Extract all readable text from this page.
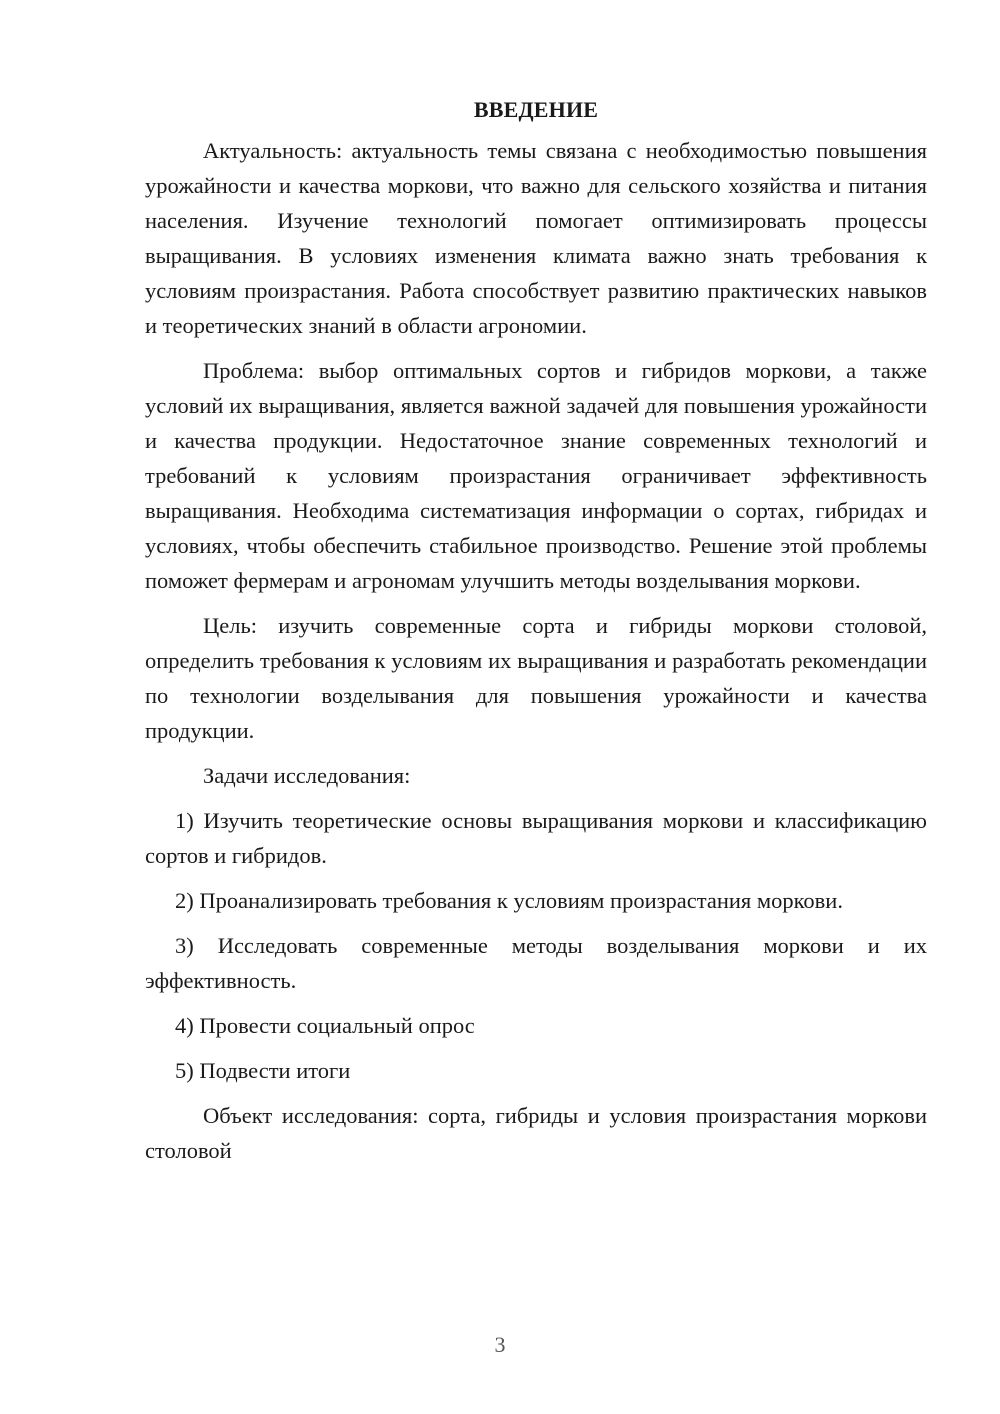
ВВЕДЕНИЕ

Актуальность: актуальность темы связана с необходимостью повышения урожайности и качества моркови, что важно для сельского хозяйства и питания населения. Изучение технологий помогает оптимизировать процессы выращивания. В условиях изменения климата важно знать требования к условиям произрастания. Работа способствует развитию практических навыков и теоретических знаний в области агрономии.

Проблема: выбор оптимальных сортов и гибридов моркови, а также условий их выращивания, является важной задачей для повышения урожайности и качества продукции. Недостаточное знание современных технологий и требований к условиям произрастания ограничивает эффективность выращивания. Необходима систематизация информации о сортах, гибридах и условиях, чтобы обеспечить стабильное производство. Решение этой проблемы поможет фермерам и агрономам улучшить методы возделывания моркови.

Цель: изучить современные сорта и гибриды моркови столовой, определить требования к условиям их выращивания и разработать рекомендации по технологии возделывания для повышения урожайности и качества продукции.

Задачи исследования:

1) Изучить теоретические основы выращивания моркови и классификацию сортов и гибридов.

2) Проанализировать требования к условиям произрастания моркови.

3) Исследовать современные методы возделывания моркови и их эффективность.

4) Провести социальный опрос

5) Подвести итоги

Объект исследования: сорта, гибриды и условия произрастания моркови столовой

3
